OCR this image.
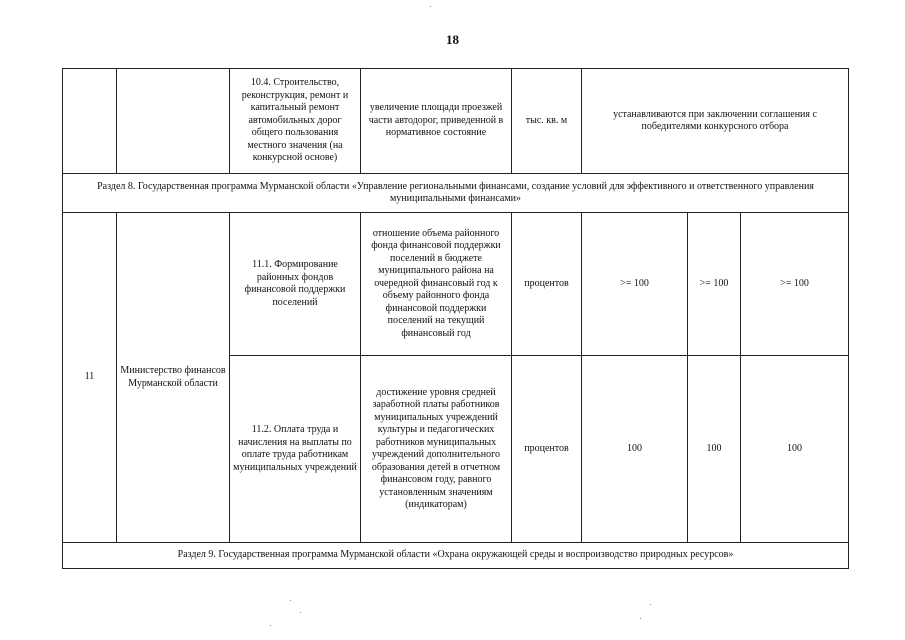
18
		10.4. Строительство, реконструкция, ремонт и капитальный ремонт автомобильных дорог общего пользования местного значения (на конкурсной основе)	увеличение площади проезжей части автодорог, приведенной в нормативное состояние	тыс. кв. м	устанавливаются при заключении соглашения с победителями конкурсного отбора		
Раздел 8. Государственная программа Мурманской области «Управление региональными финансами, создание условий для эффективного и ответственного управления муниципальными финансами»							
11	Министерство финансов Мурманской области	11.1. Формирование районных фондов финансовой поддержки поселений	отношение объема районного фонда финансовой поддержки поселений в бюджете муниципального района на очередной финансовый год к объему районного фонда финансовой поддержки поселений на текущий финансовый год	процентов	>= 100	>= 100	>= 100
		11.2. Оплата труда и начисления на выплаты по оплате труда работникам муниципальных учреждений	достижение уровня средней заработной платы работников муниципальных учреждений культуры и педагогических работников муниципальных учреждений дополнительного образования детей в отчетном финансовом году, равного установленным значениям (индикаторам)	процентов	100	100	100
Раздел 9. Государственная программа Мурманской области «Охрана окружающей среды и воспроизводство природных ресурсов»							
